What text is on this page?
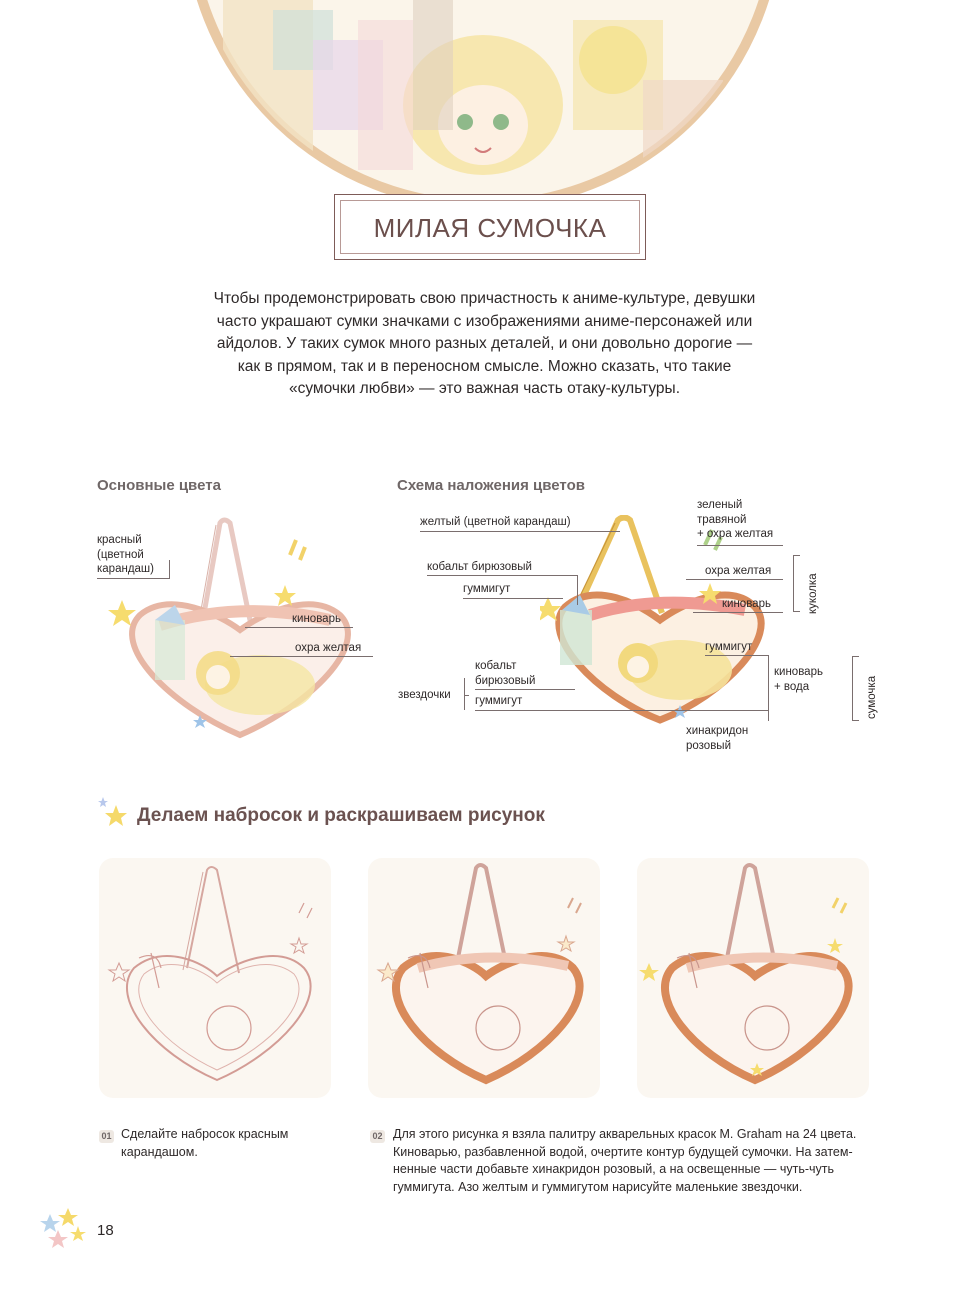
МИЛАЯ СУМОЧКА
Чтобы продемонстрировать свою причастность к аниме-культуре, девушки
часто украшают сумки значками с изображениями аниме-персонажей или
айдолов. У таких сумок много разных деталей, и они довольно дорогие —
как в прямом, так и в переносном смысле. Можно сказать, что такие
«сумочки любви» — это важная часть отаку-культуры.
Основные цвета
красный
(цветной
карандаш)
киноварь
охра желтая
Схема наложения цветов
желтый (цветной карандаш)
кобальт бирюзовый
гуммигут
зеленый
травяной
+ охра желтая
охра желтая
киноварь	куколка
гуммигут
киноварь
+ вода	сумочка
звездочки
кобальт
бирюзовый
гуммигут
хинакридон
розовый
Делаем набросок и раскрашиваем рисунок
01 Сделайте набросок красным
карандашом.
02 Для этого рисунка я взяла палитру акварельных красок M. Graham на 24 цвета.
Киноварью, разбавленной водой, очертите контур будущей сумочки. На затем-
ненные части добавьте хинакридон розовый, а на освещенные — чуть-чуть
гуммигута. Азо желтым и гуммигутом нарисуйте маленькие звездочки.
18
